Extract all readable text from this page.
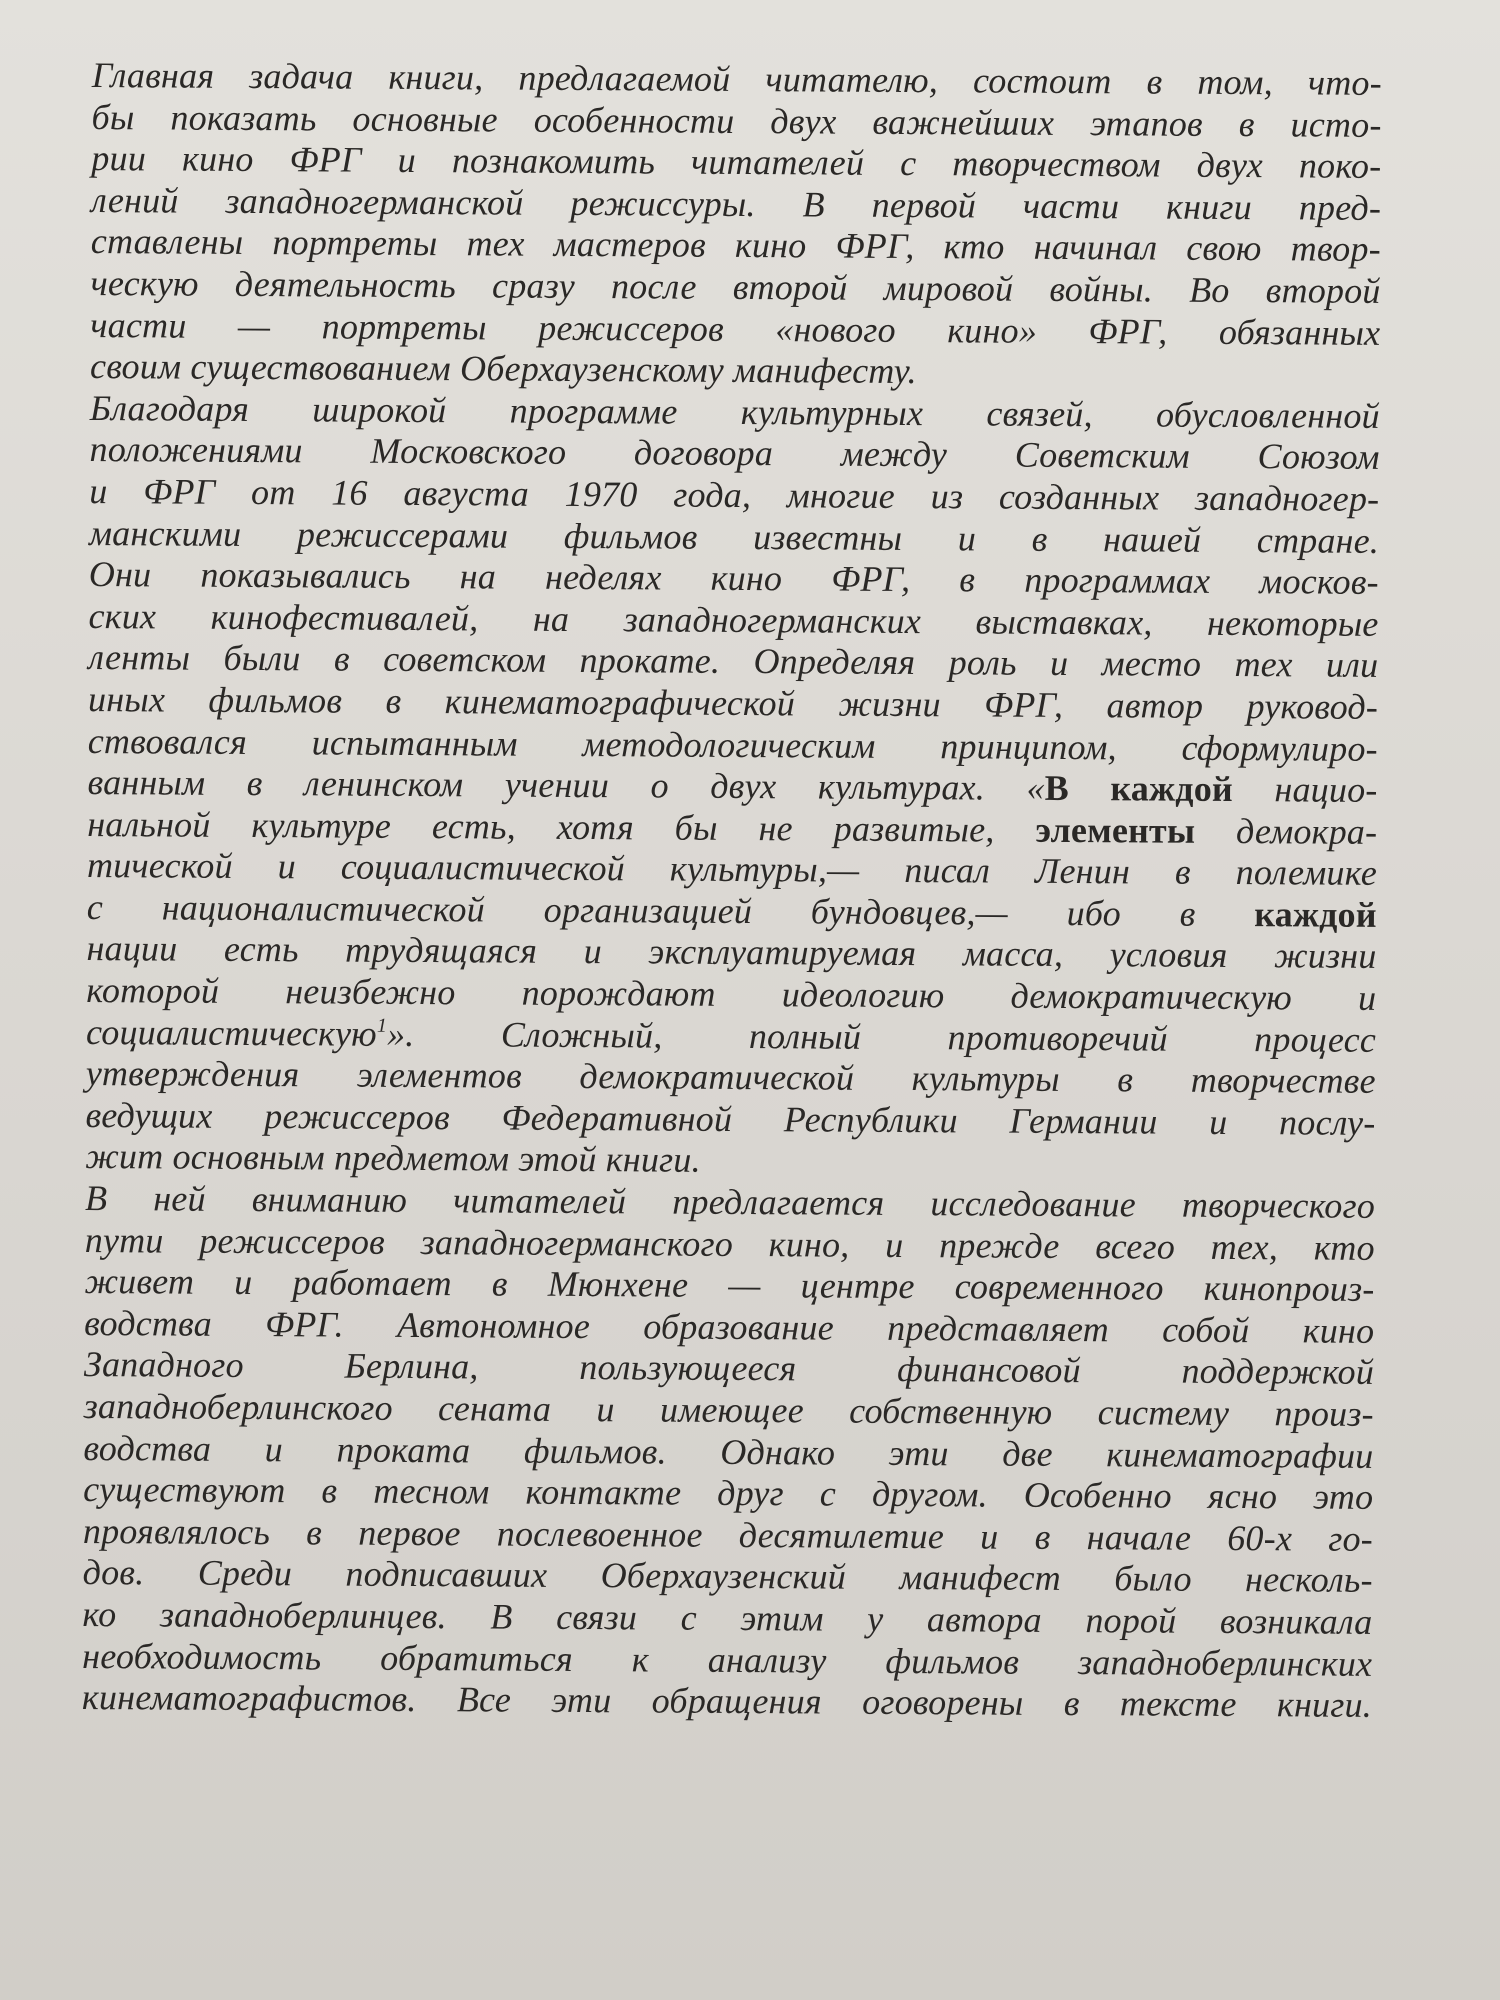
Главная задача книги, предлагаемой читателю, состоит в том, что-
бы показать основные особенности двух важнейших этапов в исто-
рии кино ФРГ и познакомить читателей с творчеством двух поко-
лений западногерманской режиссуры. В первой части книги пред-
ставлены портреты тех мастеров кино ФРГ, кто начинал свою твор-
ческую деятельность сразу после второй мировой войны. Во второй
части — портреты режиссеров «нового кино» ФРГ, обязанных
своим существованием Оберхаузенскому манифесту.
Благодаря широкой программе культурных связей, обусловленной
положениями Московского договора между Советским Союзом
и ФРГ от 16 августа 1970 года, многие из созданных западногер-
манскими режиссерами фильмов известны и в нашей стране.
Они показывались на неделях кино ФРГ, в программах москов-
ских кинофестивалей, на западногерманских выставках, некоторые
ленты были в советском прокате. Определяя роль и место тех или
иных фильмов в кинематографической жизни ФРГ, автор руковод-
ствовался испытанным методологическим принципом, сформулиро-
ванным в ленинском учении о двух культурах. «В каждой нацио-
нальной культуре есть, хотя бы не развитые, элементы демокра-
тической и социалистической культуры,— писал Ленин в полемике
с националистической организацией бундовцев,— ибо в каждой
нации есть трудящаяся и эксплуатируемая масса, условия жизни
которой неизбежно порождают идеологию демократическую и
социалистическую$^1$». Сложный, полный противоречий процесс
утверждения элементов демократической культуры в творчестве
ведущих режиссеров Федеративной Республики Германии и послу-
жит основным предметом этой книги.
В ней вниманию читателей предлагается исследование творческого
пути режиссеров западногерманского кино, и прежде всего тех, кто
живет и работает в Мюнхене — центре современного кинопроиз-
водства ФРГ. Автономное образование представляет собой кино
Западного Берлина, пользующееся финансовой поддержкой
западноберлинского сената и имеющее собственную систему произ-
водства и проката фильмов. Однако эти две кинематографии
существуют в тесном контакте друг с другом. Особенно ясно это
проявлялось в первое послевоенное десятилетие и в начале 60-х го-
дов. Среди подписавших Оберхаузенский манифест было несколь-
ко западноберлинцев. В связи с этим у автора порой возникала
необходимость обратиться к анализу фильмов западноберлинских
кинематографистов. Все эти обращения оговорены в тексте книги.
